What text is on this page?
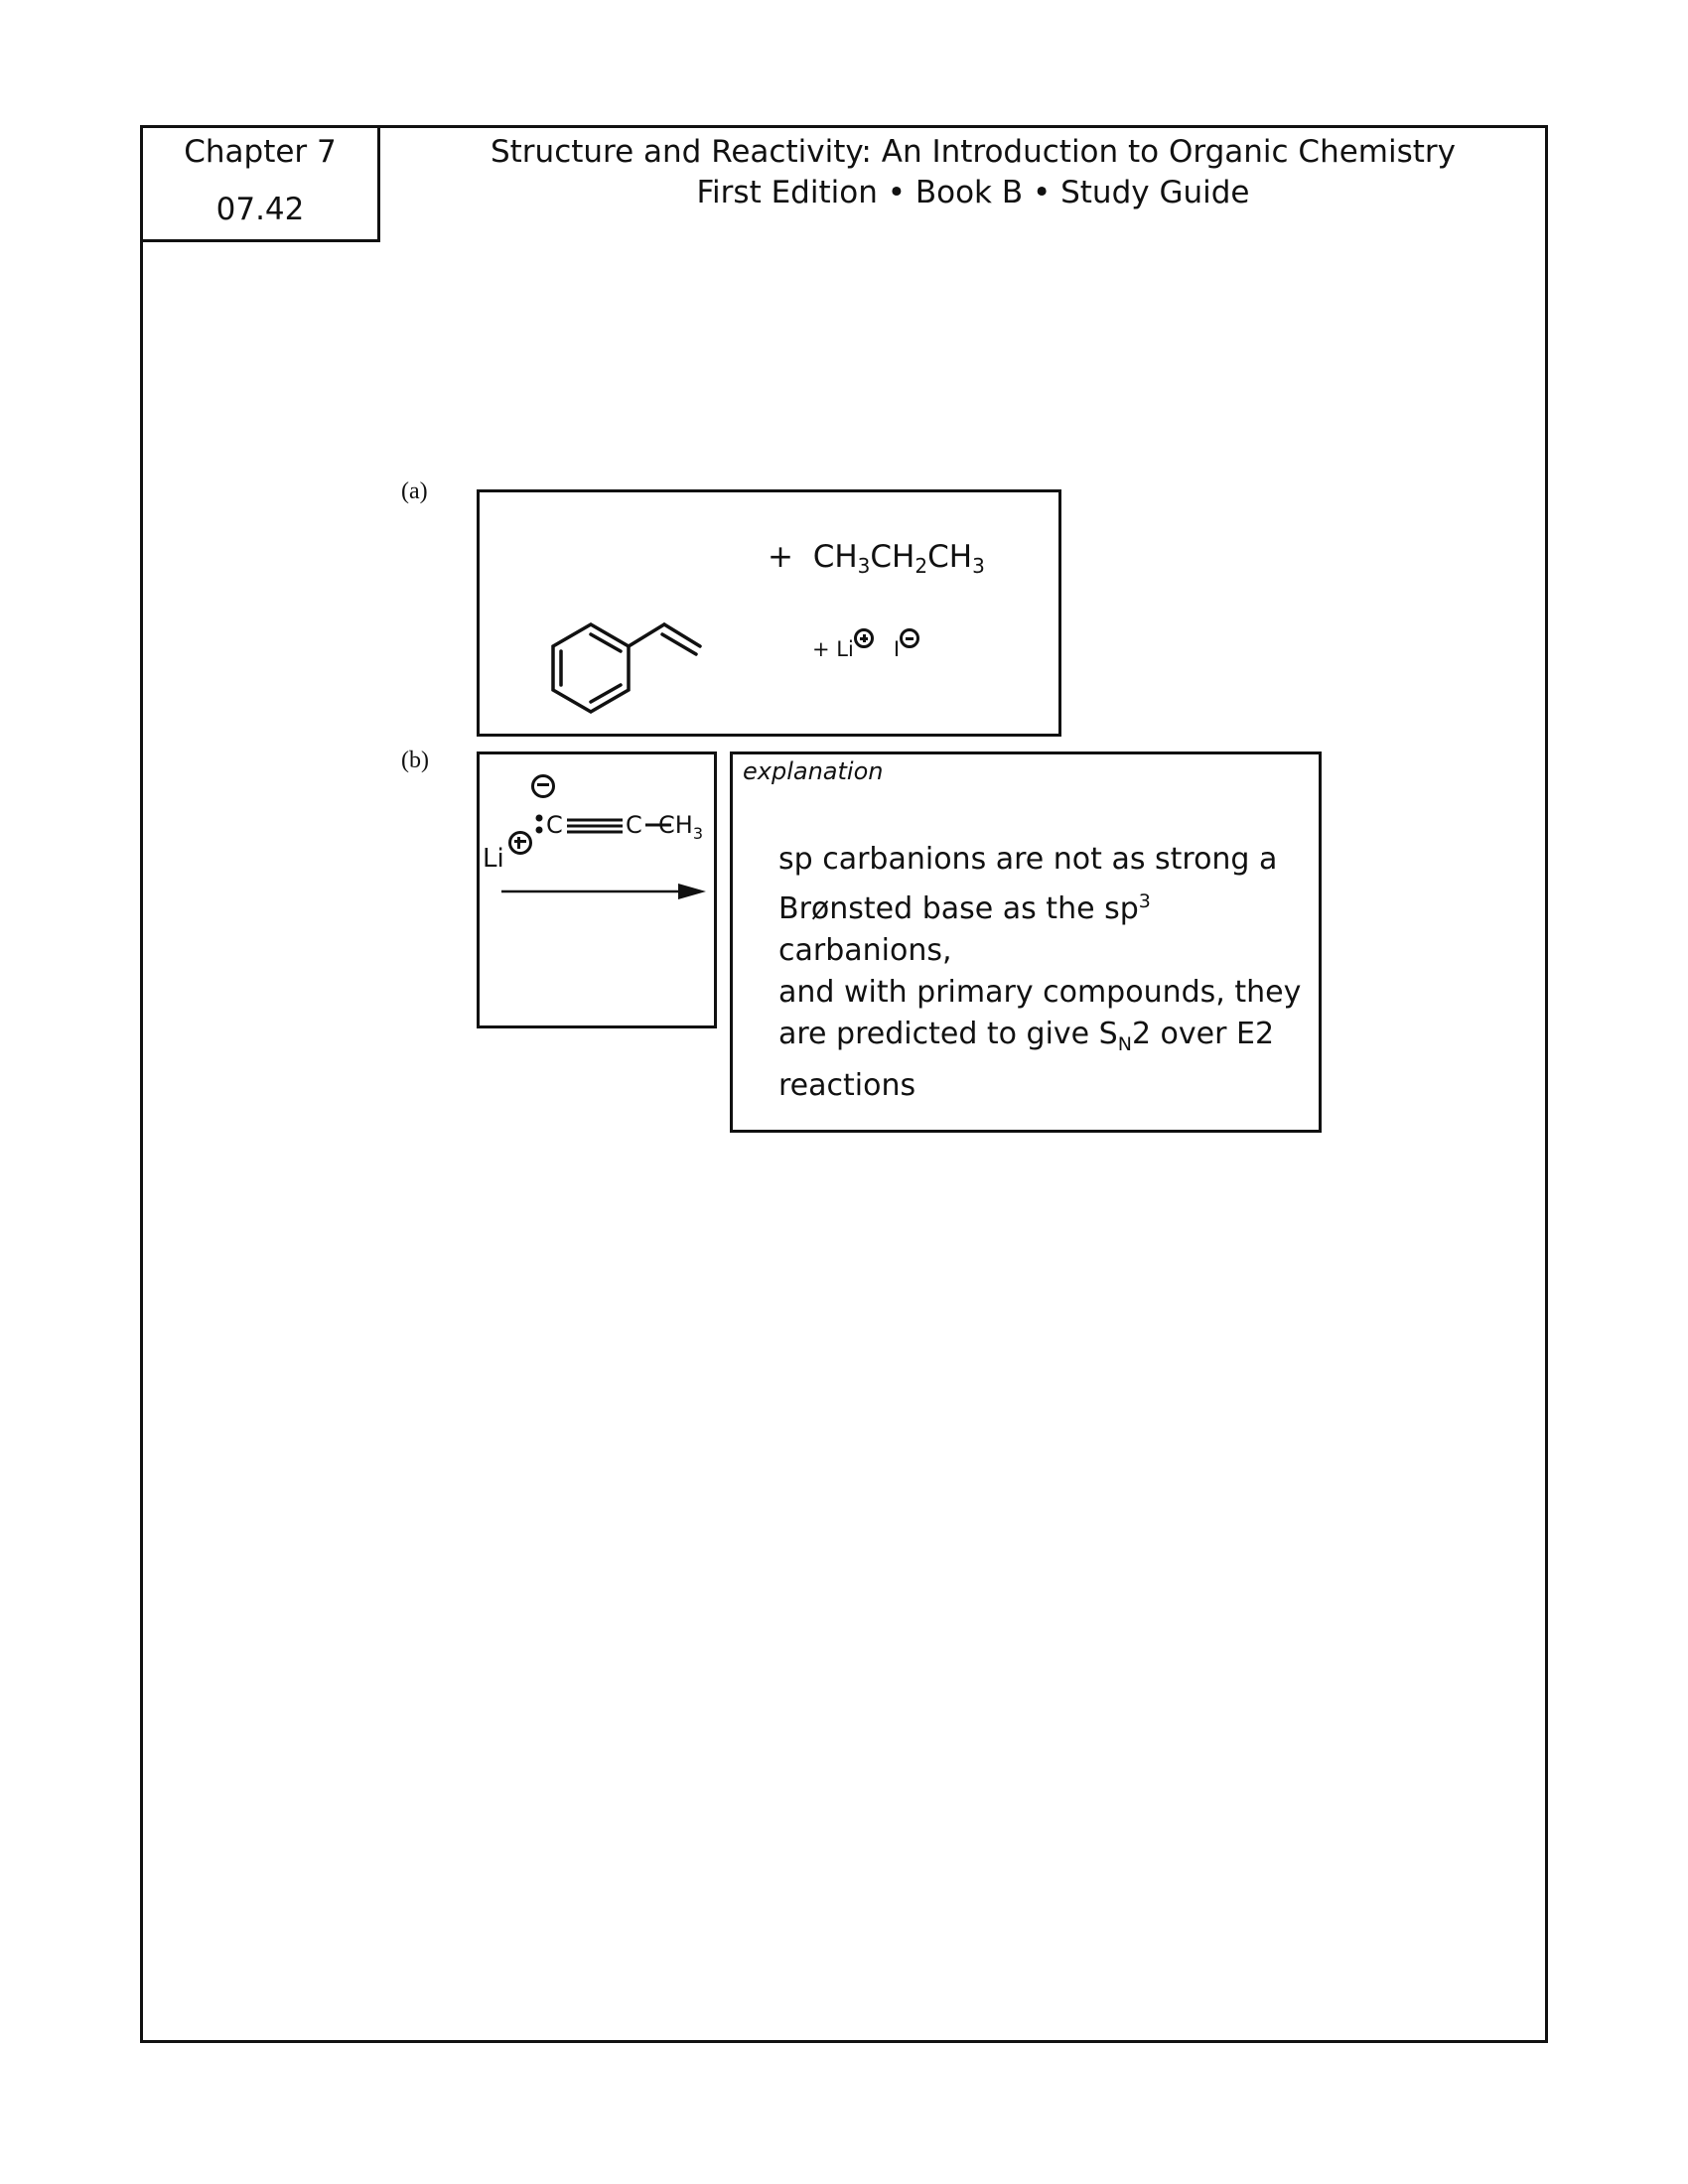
Chapter 7
07.42
Structure and Reactivity: An Introduction to Organic Chemistry
First Edition • Book B • Study Guide
(a)
+ $CH_3CH_2CH_3$
+ Li I
(b)
Li
C	C $CH_3$
explanation
sp carbanions are not as strong a
Brønsted base as the $sp^3$ carbanions,
and with primary compounds, they
are predicted to give $S_N2$ over E2
reactions
